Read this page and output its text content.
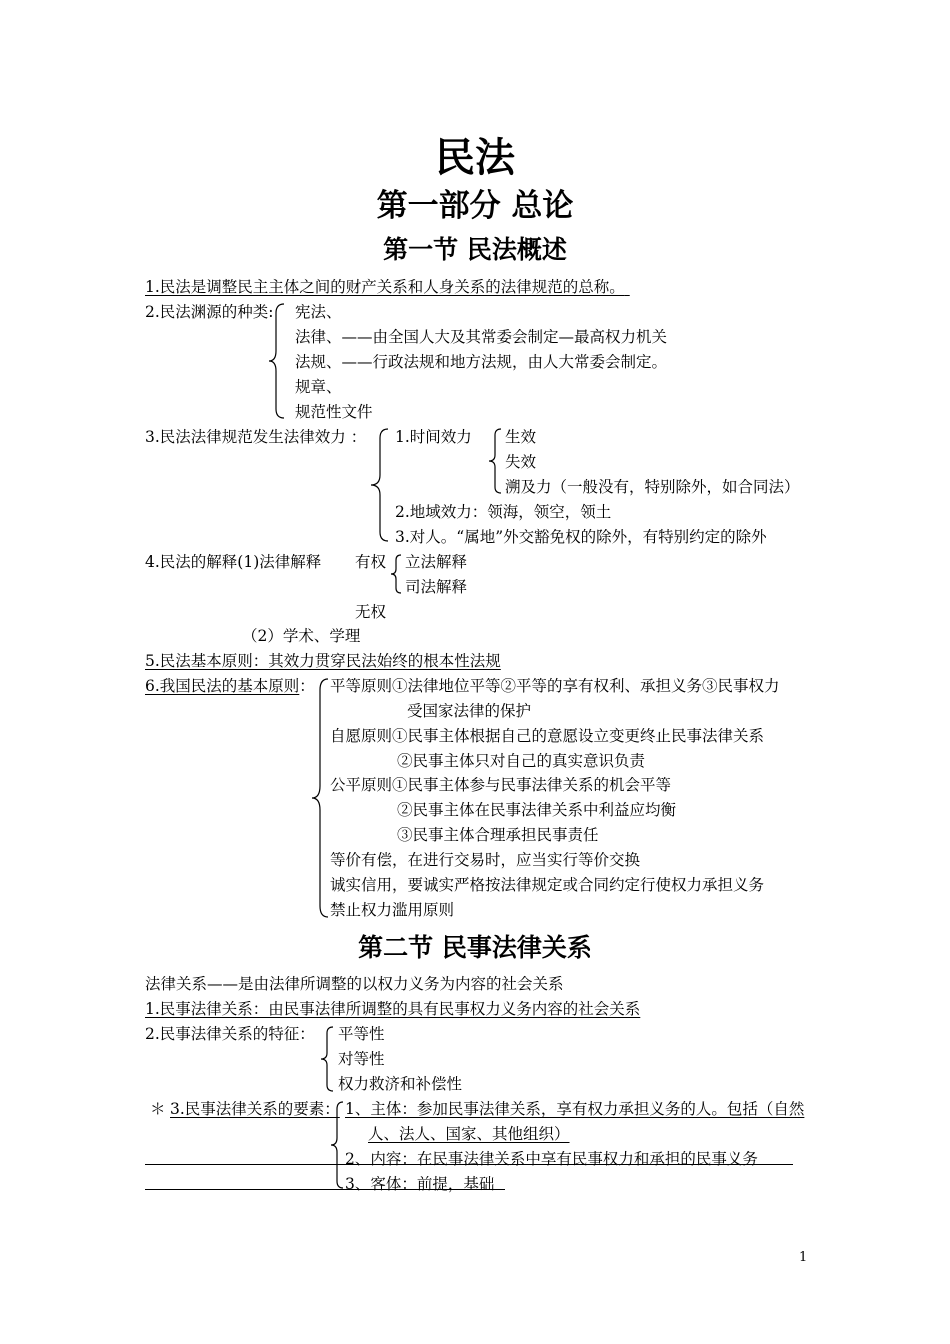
民法
第一部分 总论
第一节 民法概述
1.民法是调整民主主体之间的财产关系和人身关系的法律规范的总称。
2.民法渊源的种类: 宪法、
法律、——由全国人大及其常委会制定—最高权力机关
法规、——行政法规和地方法规，由人大常委会制定。
规章、
规范性文件
3.民法法律规范发生法律效力 ： 1.时间效力 生效
失效
溯及力（一般没有，特别除外，如合同法）
2.地域效力：领海，领空，领土
3.对人。“属地”外交豁免权的除外，有特别约定的除外
4.民法的解释(1)法律解释 有权 立法解释
司法解释
无权
（2）学术、学理
5.民法基本原则：其效力贯穿民法始终的根本性法规
6.我国民法的基本原则： 平等原则①法律地位平等②平等的享有权利、承担义务③民事权力
受国家法律的保护
自愿原则①民事主体根据自己的意愿设立变更终止民事法律关系
②民事主体只对自己的真实意识负责
公平原则①民事主体参与民事法律关系的机会平等
②民事主体在民事法律关系中利益应均衡
③民事主体合理承担民事责任
等价有偿，在进行交易时，应当实行等价交换
诚实信用，要诚实严格按法律规定或合同约定行使权力承担义务
禁止权力滥用原则
第二节 民事法律关系
法律关系——是由法律所调整的以权力义务为内容的社会关系
1.民事法律关系：由民事法律所调整的具有民事权力义务内容的社会关系
2.民事法律关系的特征： 平等性
对等性
权力救济和补偿性
＊ 3.民事法律关系的要素： 1、主体：参加民事法律关系，享有权力承担义务的人。包括（自然
人、法人、国家、其他组织）
2、内容：在民事法律关系中享有民事权力和承担的民事义务
3、客体：前提，基础
1
